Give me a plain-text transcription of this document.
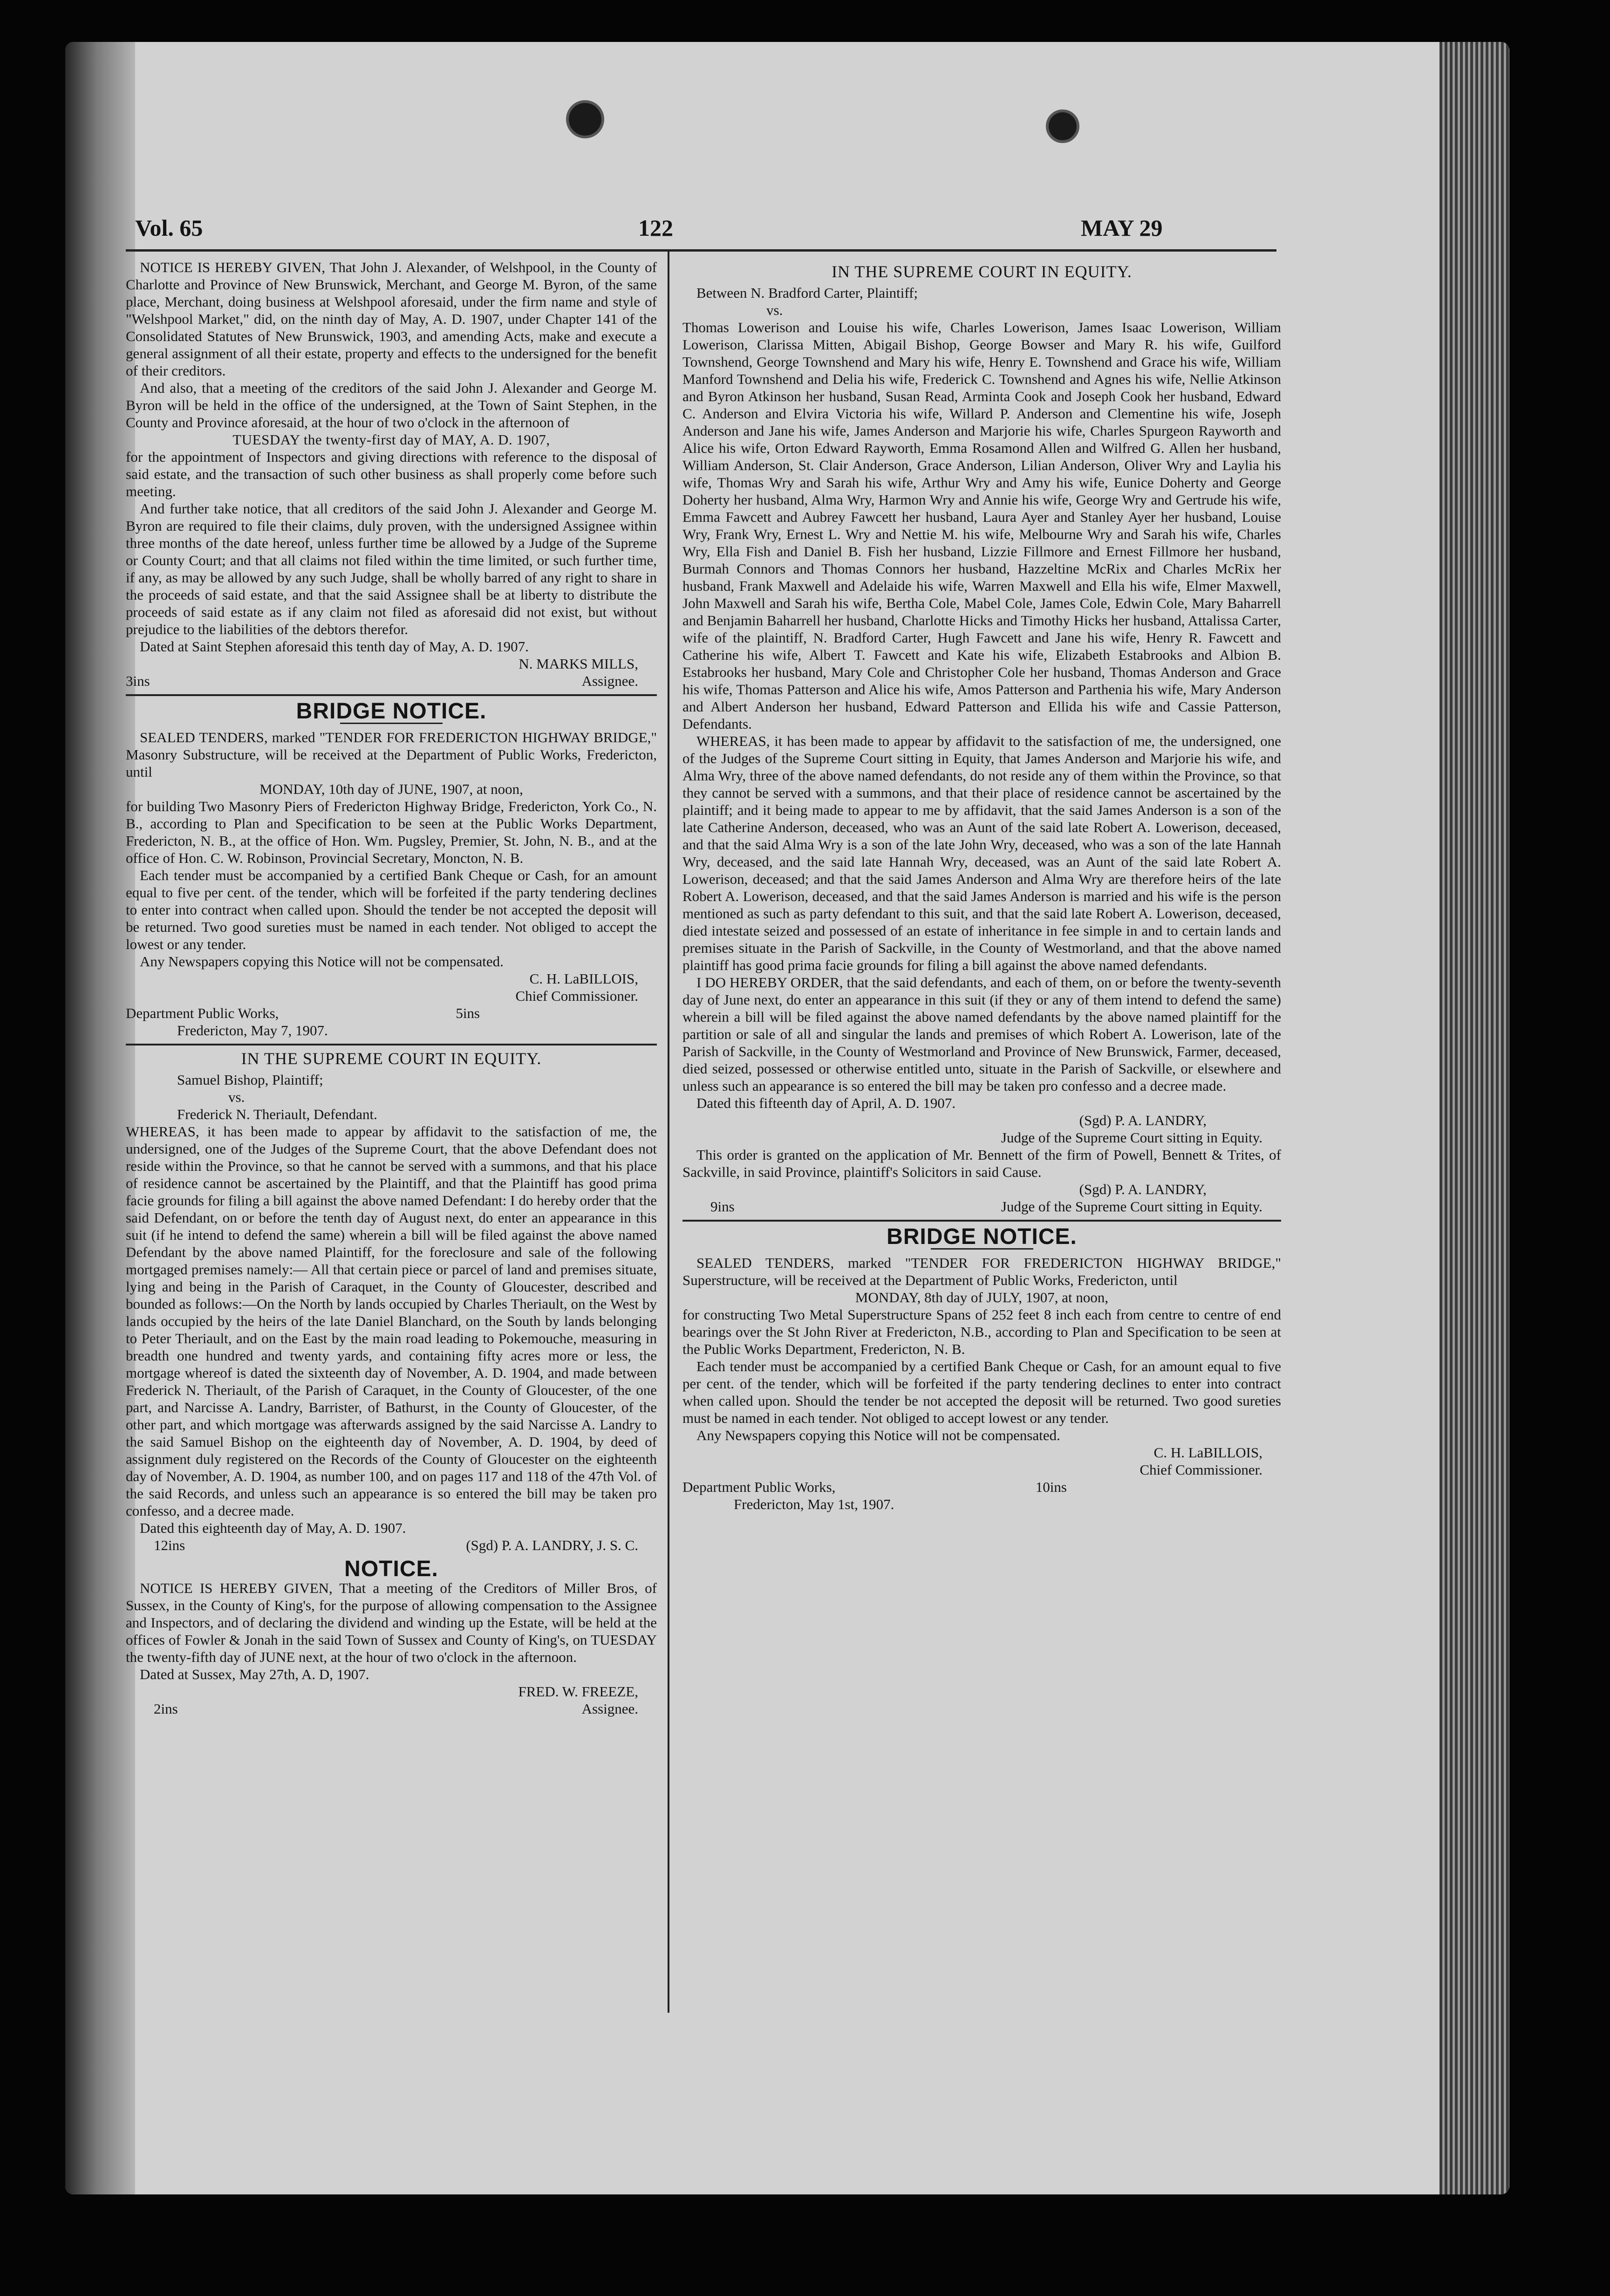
Vol. 65	122	MAY 29

NOTICE IS HEREBY GIVEN, That John J. Alexander, of Welshpool, in the County of Charlotte and Province of New Brunswick, Merchant, and George M. Byron, of the same place, Merchant, doing business at Welshpool aforesaid, under the firm name and style of "Welshpool Market," did, on the ninth day of May, A. D. 1907, under Chapter 141 of the Consolidated Statutes of New Brunswick, 1903, and amending Acts, make and execute a general assignment of all their estate, property and effects to the undersigned for the benefit of their creditors.

And also, that a meeting of the creditors of the said John J. Alexander and George M. Byron will be held in the office of the undersigned, at the Town of Saint Stephen, in the County and Province aforesaid, at the hour of two o'clock in the afternoon of

TUESDAY the twenty-first day of MAY, A. D. 1907,

for the appointment of Inspectors and giving directions with reference to the disposal of said estate, and the transaction of such other business as shall properly come before such meeting.

And further take notice, that all creditors of the said John J. Alexander and George M. Byron are required to file their claims, duly proven, with the undersigned Assignee within three months of the date hereof, unless further time be allowed by a Judge of the Supreme or County Court; and that all claims not filed within the time limited, or such further time, if any, as may be allowed by any such Judge, shall be wholly barred of any right to share in the proceeds of said estate, and that the said Assignee shall be at liberty to distribute the proceeds of said estate as if any claim not filed as aforesaid did not exist, but without prejudice to the liabilities of the debtors therefor.

Dated at Saint Stephen aforesaid this tenth day of May, A. D. 1907.

N. MARKS MILLS,

3ins	Assignee.
BRIDGE NOTICE.

SEALED TENDERS, marked "TENDER FOR FREDERICTON HIGHWAY BRIDGE," Masonry Substructure, will be received at the Department of Public Works, Fredericton, until

MONDAY, 10th day of JUNE, 1907, at noon,

for building Two Masonry Piers of Fredericton Highway Bridge, Fredericton, York Co., N. B., according to Plan and Specification to be seen at the Public Works Department, Fredericton, N. B., at the office of Hon. Wm. Pugsley, Premier, St. John, N. B., and at the office of Hon. C. W. Robinson, Provincial Secretary, Moncton, N. B.

Each tender must be accompanied by a certified Bank Cheque or Cash, for an amount equal to five per cent. of the tender, which will be forfeited if the party tendering declines to enter into contract when called upon. Should the tender be not accepted the deposit will be returned. Two good sureties must be named in each tender. Not obliged to accept the lowest or any tender.

Any Newspapers copying this Notice will not be compensated.

C. H. LaBILLOIS,

Chief Commissioner.

Department Public Works,	5ins

Fredericton, May 7, 1907.

IN THE SUPREME COURT IN EQUITY.

Samuel Bishop, Plaintiff;

vs.

Frederick N. Theriault, Defendant.

WHEREAS, it has been made to appear by affidavit to the satisfaction of me, the undersigned, one of the Judges of the Supreme Court, that the above Defendant does not reside within the Province, so that he cannot be served with a summons, and that his place of residence cannot be ascertained by the Plaintiff, and that the Plaintiff has good prima facie grounds for filing a bill against the above named Defendant: I do hereby order that the said Defendant, on or before the tenth day of August next, do enter an appearance in this suit (if he intend to defend the same) wherein a bill will be filed against the above named Defendant by the above named Plaintiff, for the foreclosure and sale of the following mortgaged premises namely:— All that certain piece or parcel of land and premises situate, lying and being in the Parish of Caraquet, in the County of Gloucester, described and bounded as follows:—On the North by lands occupied by Charles Theriault, on the West by lands occupied by the heirs of the late Daniel Blanchard, on the South by lands belonging to Peter Theriault, and on the East by the main road leading to Pokemouche, measuring in breadth one hundred and twenty yards, and containing fifty acres more or less, the mortgage whereof is dated the sixteenth day of November, A. D. 1904, and made between Frederick N. Theriault, of the Parish of Caraquet, in the County of Gloucester, of the one part, and Narcisse A. Landry, Barrister, of Bathurst, in the County of Gloucester, of the other part, and which mortgage was afterwards assigned by the said Narcisse A. Landry to the said Samuel Bishop on the eighteenth day of November, A. D. 1904, by deed of assignment duly registered on the Records of the County of Gloucester on the eighteenth day of November, A. D. 1904, as number 100, and on pages 117 and 118 of the 47th Vol. of the said Records, and unless such an appearance is so entered the bill may be taken pro confesso, and a decree made.

Dated this eighteenth day of May, A. D. 1907.

12ins	(Sgd) P. A. LANDRY, J. S. C.
NOTICE.

NOTICE IS HEREBY GIVEN, That a meeting of the Creditors of Miller Bros, of Sussex, in the County of King's, for the purpose of allowing compensation to the Assignee and Inspectors, and of declaring the dividend and winding up the Estate, will be held at the offices of Fowler & Jonah in the said Town of Sussex and County of King's, on TUESDAY the twenty-fifth day of JUNE next, at the hour of two o'clock in the afternoon.

Dated at Sussex, May 27th, A. D, 1907.

FRED. W. FREEZE,

2ins	Assignee.
IN THE SUPREME COURT IN EQUITY.

Between N. Bradford Carter, Plaintiff;

vs.

Thomas Lowerison and Louise his wife, Charles Lowerison, James Isaac Lowerison, William Lowerison, Clarissa Mitten, Abigail Bishop, George Bowser and Mary R. his wife, Guilford Townshend, George Townshend and Mary his wife, Henry E. Townshend and Grace his wife, William Manford Townshend and Delia his wife, Frederick C. Townshend and Agnes his wife, Nellie Atkinson and Byron Atkinson her husband, Susan Read, Arminta Cook and Joseph Cook her husband, Edward C. Anderson and Elvira Victoria his wife, Willard P. Anderson and Clementine his wife, Joseph Anderson and Jane his wife, James Anderson and Marjorie his wife, Charles Spurgeon Rayworth and Alice his wife, Orton Edward Rayworth, Emma Rosamond Allen and Wilfred G. Allen her husband, William Anderson, St. Clair Anderson, Grace Anderson, Lilian Anderson, Oliver Wry and Laylia his wife, Thomas Wry and Sarah his wife, Arthur Wry and Amy his wife, Eunice Doherty and George Doherty her husband, Alma Wry, Harmon Wry and Annie his wife, George Wry and Gertrude his wife, Emma Fawcett and Aubrey Fawcett her husband, Laura Ayer and Stanley Ayer her husband, Louise Wry, Frank Wry, Ernest L. Wry and Nettie M. his wife, Melbourne Wry and Sarah his wife, Charles Wry, Ella Fish and Daniel B. Fish her husband, Lizzie Fillmore and Ernest Fillmore her husband, Burmah Connors and Thomas Connors her husband, Hazzeltine McRix and Charles McRix her husband, Frank Maxwell and Adelaide his wife, Warren Maxwell and Ella his wife, Elmer Maxwell, John Maxwell and Sarah his wife, Bertha Cole, Mabel Cole, James Cole, Edwin Cole, Mary Baharrell and Benjamin Baharrell her husband, Charlotte Hicks and Timothy Hicks her husband, Attalissa Carter, wife of the plaintiff, N. Bradford Carter, Hugh Fawcett and Jane his wife, Henry R. Fawcett and Catherine his wife, Albert T. Fawcett and Kate his wife, Elizabeth Estabrooks and Albion B. Estabrooks her husband, Mary Cole and Christopher Cole her husband, Thomas Anderson and Grace his wife, Thomas Patterson and Alice his wife, Amos Patterson and Parthenia his wife, Mary Anderson and Albert Anderson her husband, Edward Patterson and Ellida his wife and Cassie Patterson, Defendants.

WHEREAS, it has been made to appear by affidavit to the satisfaction of me, the undersigned, one of the Judges of the Supreme Court sitting in Equity, that James Anderson and Marjorie his wife, and Alma Wry, three of the above named defendants, do not reside any of them within the Province, so that they cannot be served with a summons, and that their place of residence cannot be ascertained by the plaintiff; and it being made to appear to me by affidavit, that the said James Anderson is a son of the late Catherine Anderson, deceased, who was an Aunt of the said late Robert A. Lowerison, deceased, and that the said Alma Wry is a son of the late John Wry, deceased, who was a son of the late Hannah Wry, deceased, and the said late Hannah Wry, deceased, was an Aunt of the said late Robert A. Lowerison, deceased; and that the said James Anderson and Alma Wry are therefore heirs of the late Robert A. Lowerison, deceased, and that the said James Anderson is married and his wife is the person mentioned as such as party defendant to this suit, and that the said late Robert A. Lowerison, deceased, died intestate seized and possessed of an estate of inheritance in fee simple in and to certain lands and premises situate in the Parish of Sackville, in the County of Westmorland, and that the above named plaintiff has good prima facie grounds for filing a bill against the above named defendants.

I DO HEREBY ORDER, that the said defendants, and each of them, on or before the twenty-seventh day of June next, do enter an appearance in this suit (if they or any of them intend to defend the same) wherein a bill will be filed against the above named defendants by the above named plaintiff for the partition or sale of all and singular the lands and premises of which Robert A. Lowerison, late of the Parish of Sackville, in the County of Westmorland and Province of New Brunswick, Farmer, deceased, died seized, possessed or otherwise entitled unto, situate in the Parish of Sackville, or elsewhere and unless such an appearance is so entered the bill may be taken pro confesso and a decree made.

Dated this fifteenth day of April, A. D. 1907.

(Sgd) P. A. LANDRY,

Judge of the Supreme Court sitting in Equity.

This order is granted on the application of Mr. Bennett of the firm of Powell, Bennett & Trites, of Sackville, in said Province, plaintiff's Solicitors in said Cause.

(Sgd) P. A. LANDRY,

9ins	Judge of the Supreme Court sitting in Equity.
BRIDGE NOTICE.

SEALED TENDERS, marked "TENDER FOR FREDERICTON HIGHWAY BRIDGE," Superstructure, will be received at the Department of Public Works, Fredericton, until

MONDAY, 8th day of JULY, 1907, at noon,

for constructing Two Metal Superstructure Spans of 252 feet 8 inch each from centre to centre of end bearings over the St John River at Fredericton, N.B., according to Plan and Specification to be seen at the Public Works Department, Fredericton, N. B.

Each tender must be accompanied by a certified Bank Cheque or Cash, for an amount equal to five per cent. of the tender, which will be forfeited if the party tendering declines to enter into contract when called upon. Should the tender be not accepted the deposit will be returned. Two good sureties must be named in each tender. Not obliged to accept lowest or any tender.

Any Newspapers copying this Notice will not be compensated.

C. H. LaBILLOIS,

Chief Commissioner.

Department Public Works,	10ins

Fredericton, May 1st, 1907.
